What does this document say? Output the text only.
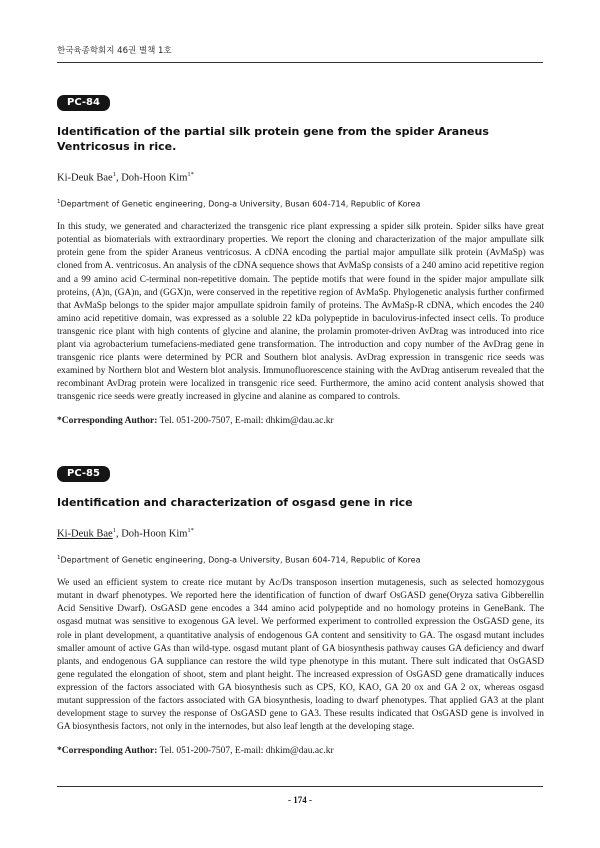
한국육종학회지 46권 별책 1호
PC-84
Identification of the partial silk protein gene from the spider Araneus Ventricosus in rice.
Ki-Deuk Bae$^1$, Doh-Hoon Kim$^{1*}$
$^1$Department of Genetic engineering, Dong-a University, Busan 604-714, Republic of Korea
In this study, we generated and characterized the transgenic rice plant expressing a spider silk protein. Spider silks have great potential as biomaterials with extraordinary properties. We report the cloning and characterization of the major ampullate silk protein gene from the spider Araneus ventricosus. A cDNA encoding the partial major ampullate silk protein (AvMaSp) was cloned from A. ventricosus. An analysis of the cDNA sequence shows that AvMaSp consists of a 240 amino acid repetitive region and a 99 amino acid C-terminal non-repetitive domain. The peptide motifs that were found in the spider major ampullate silk proteins, (A)n, (GA)n, and (GGX)n, were conserved in the repetitive region of AvMaSp. Phylogenetic analysis further confirmed that AvMaSp belongs to the spider major ampullate spidroin family of proteins. The AvMaSp-R cDNA, which encodes the 240 amino acid repetitive domain, was expressed as a soluble 22 kDa polypeptide in baculovirus-infected insect cells. To produce transgenic rice plant with high contents of glycine and alanine, the prolamin promoter-driven AvDrag was introduced into rice plant via agrobacterium tumefaciens-mediated gene transformation. The introduction and copy number of the AvDrag gene in transgenic rice plants were determined by PCR and Southern blot analysis. AvDrag expression in transgenic rice seeds was examined by Northern blot and Western blot analysis. Immunofluorescence staining with the AvDrag antiserum revealed that the recombinant AvDrag protein were localized in transgenic rice seed. Furthermore, the amino acid content analysis showed that transgenic rice seeds were greatly increased in glycine and alanine as compared to controls.
*Corresponding Author: Tel. 051-200-7507, E-mail: dhkim@dau.ac.kr
PC-85
Identification and characterization of osgasd gene in rice
Ki-Deuk Bae$^1$, Doh-Hoon Kim$^{1*}$
$^1$Department of Genetic engineering, Dong-a University, Busan 604-714, Republic of Korea
We used an efficient system to create rice mutant by Ac/Ds transposon insertion mutagenesis, such as selected homozygous mutant in dwarf phenotypes. We reported here the identification of function of dwarf OsGASD gene(Oryza sativa Gibberellin Acid Sensitive Dwarf). OsGASD gene encodes a 344 amino acid polypeptide and no homology proteins in GeneBank. The osgasd mutnat was sensitive to exogenous GA level. We performed experiment to controlled expression the OsGASD gene, its role in plant development, a quantitative analysis of endogenous GA content and sensitivity to GA. The osgasd mutant includes smaller amount of active GAs than wild-type. osgasd mutant plant of GA biosynthesis pathway causes GA deficiency and dwarf plants, and endogenous GA suppliance can restore the wild type phenotype in this mutant. There sult indicated that OsGASD gene regulated the elongation of shoot, stem and plant height. The increased expression of OsGASD gene dramatically induces expression of the factors associated with GA biosynthesis such as CPS, KO, KAO, GA 20 ox and GA 2 ox, whereas osgasd mutant suppression of the factors associated with GA biosynthesis, loading to dwarf phenotypes. That applied GA3 at the plant development stage to survey the response of OsGASD gene to GA3. These results indicated that OsGASD gene is involved in GA biosynthesis factors, not only in the internodes, but also leaf length at the developing stage.
*Corresponding Author: Tel. 051-200-7507, E-mail: dhkim@dau.ac.kr
- 174 -
